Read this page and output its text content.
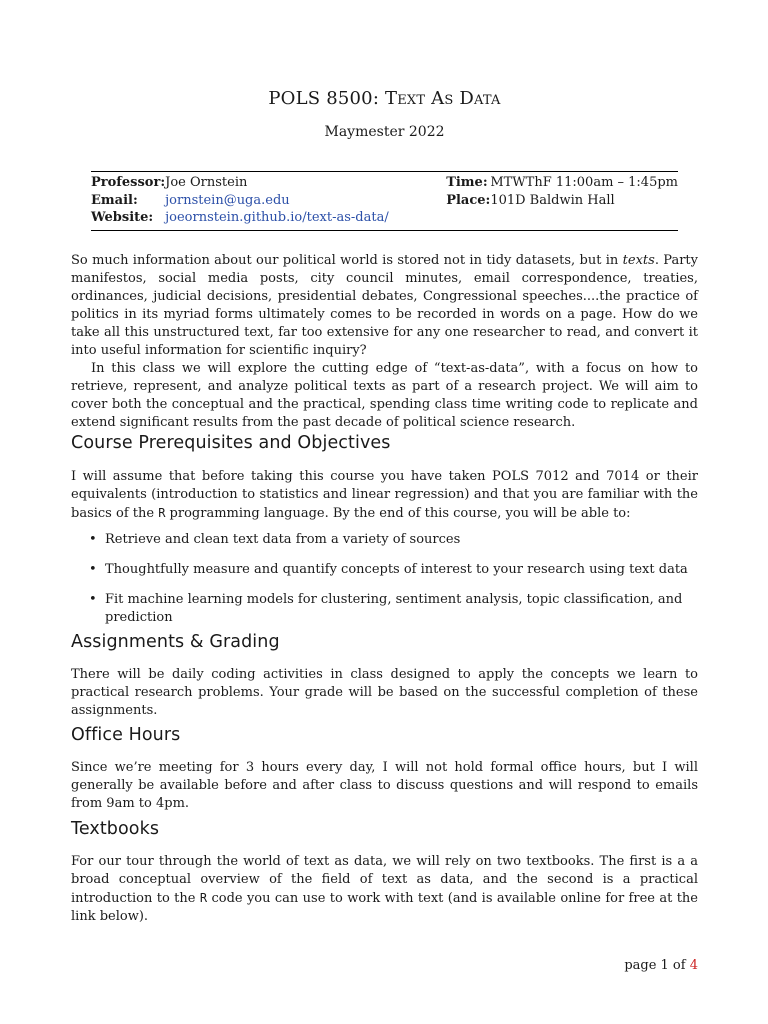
POLS 8500: Text As Data
Maymester 2022
Professor:	Joe Ornstein		Time:	MTWThF 11:00am – 1:45pm
Email:	jornstein@uga.edu		Place:	101D Baldwin Hall
Website:	joeornstein.github.io/text-as-data/			

So much information about our political world is stored not in tidy datasets, but in texts. Party manifestos, social media posts, city council minutes, email correspondence, treaties, ordinances, judicial decisions, presidential debates, Congressional speeches....the practice of politics in its myriad forms ultimately comes to be recorded in words on a page. How do we take all this unstructured text, far too extensive for any one researcher to read, and convert it into useful information for scientific inquiry?

In this class we will explore the cutting edge of “text-as-data”, with a focus on how to retrieve, represent, and analyze political texts as part of a research project. We will aim to cover both the conceptual and the practical, spending class time writing code to replicate and extend significant results from the past decade of political science research.

Course Prerequisites and Objectives

I will assume that before taking this course you have taken POLS 7012 and 7014 or their equivalents (introduction to statistics and linear regression) and that you are familiar with the basics of the R programming language. By the end of this course, you will be able to:

• Retrieve and clean text data from a variety of sources
• Thoughtfully measure and quantify concepts of interest to your research using text data
• Fit machine learning models for clustering, sentiment analysis, topic classification, and prediction
Assignments & Grading
There will be daily coding activities in class designed to apply the concepts we learn to practical research problems. Your grade will be based on the successful completion of these assignments.
Office Hours
Since we’re meeting for 3 hours every day, I will not hold formal office hours, but I will generally be available before and after class to discuss questions and will respond to emails from 9am to 4pm.
Textbooks

For our tour through the world of text as data, we will rely on two textbooks. The first is a a broad conceptual overview of the field of text as data, and the second is a practical introduction to the R code you can use to work with text (and is available online for free at the link below).

page 1 of 4
